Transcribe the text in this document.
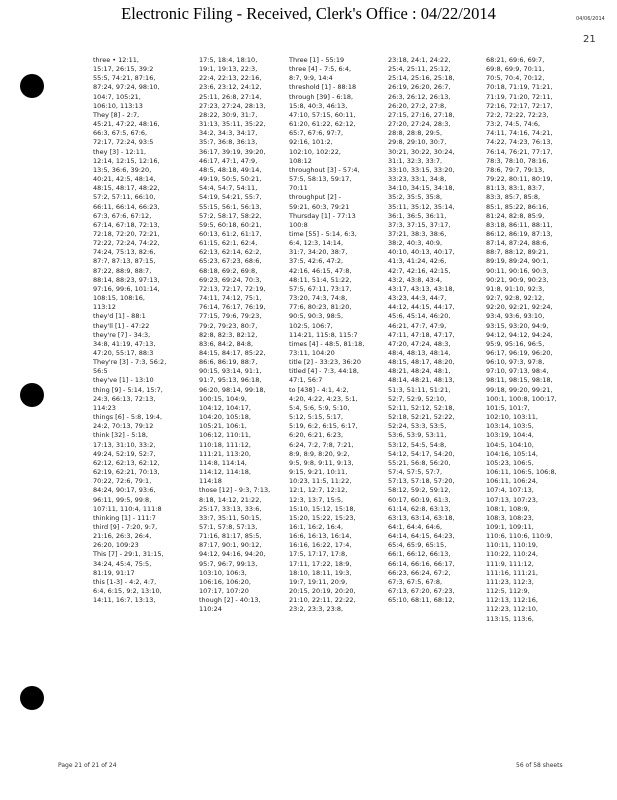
Electronic Filing - Received, Clerk's Office : 04/22/2014	04/06/2014
21
three • 12:11,
15:17, 26:15, 39:2
55:5, 74:21, 87:16,
87:24, 97:24, 98:10,
104:7, 105:21,
106:10, 113:13
They [8] - 2:7,
45:21, 47:22, 48:16,
66:3, 67:5, 67:6,
72:17, 72:24, 93:5
they [3] - 12:11,
12:14, 12:15, 12:16,
13:5, 36:6, 39:20,
40:21, 42:5, 48:14,
48:15, 48:17, 48:22,
57:2, 57:11, 66:10,
66:11, 66:14, 66:23,
67:3, 67:6, 67:12,
67:14, 67:18, 72:13,
72:18, 72:20, 72:21,
72:22, 72:24, 74:22,
74:24, 75:13, 82:6,
87:7, 87:13, 87:15,
87:22, 88:9, 88:7,
88:14, 88:23, 97:13,
97:16, 99:6, 101:14,
108:15, 108:16,
113:12
they'd [1] - 88:1
they'll [1] - 47:22
they're [7] - 34:3,
34:8, 41:19, 47:13,
47:20, 55:17, 88:3
They're [3] - 7:3, 56:2,
56:5
they've [1] - 13:10
thing [9] - 5:14, 15:7,
24:3, 66:13, 72:13,
114:23
things [6] - 5:8, 19:4,
24:2, 70:13, 79:12
think [32] - 5:18,
17:13, 31:10, 33:2,
49:24, 52:19, 52:7,
62:12, 62:13, 62:12,
62:19, 62:21, 70:13,
70:22, 72:6, 79:1,
84:24, 90:17, 93:6,
96:11, 99:5, 99:8,
107:11, 110:4, 111:8
thinking [1] - 111:7
third [9] - 7:20, 9:7,
21:16, 26:3, 26:4,
26:20, 109:23
This [7] - 29:1, 31:15,
34:24, 45:4, 75:5,
81:19, 91:17
this [1-3] - 4:2, 4:7,
6:4, 6:15, 9:2, 13:10,
14:11, 16:7, 13:13,
17:5, 18:4, 18:10,
19:1, 19:13, 22:3,
22:4, 22:13, 22:16,
23:6, 23:12, 24:12,
25:11, 26:8, 27:14,
27:23, 27:24, 28:13,
28:22, 30:9, 31:7,
31:13, 35:11, 35:22,
34:2, 34:3, 34:17,
35:7, 36:8, 36:13,
36:17, 39:19, 39:20,
46:17, 47:1, 47:9,
48:5, 48:18, 49:14,
49:19, 50:5, 50:21,
54:4, 54:7, 54:11,
54:19, 54:21, 55:7,
55:15, 56:1, 56:13,
57:2, 58:17, 58:22,
59:5, 60:18, 60:21,
60:13, 61:2, 61:17,
61:15, 62:1, 62:4,
62:13, 62:14, 62:2,
65:23, 67:23, 68:6,
68:18, 69:2, 69:8,
69:23, 69:24, 70:3,
72:13, 72:17, 72:19,
74:11, 74:12, 75:1,
76:14, 76:17, 76:19,
77:15, 79:6, 79:23,
79:2, 79:23, 80:7,
82:8, 82:3, 82:12,
83:6, 84:2, 84:8,
84:15, 84:17, 85:22,
86:6, 86:19, 88:7,
90:15, 93:14, 91:1,
91:7, 95:13, 96:18,
96:20, 98:14, 99:18,
100:15, 104:9,
104:12, 104:17,
104:20, 105:18,
105:21, 106:1,
106:12, 110:11,
110:18, 111:12,
111:21, 113:20,
114:8, 114:14,
114:12, 114:18,
114:18
those [12] - 9:3, 7:13,
8:18, 14:12, 21:22,
25:17, 33:13, 33:6,
33:7, 35:11, 50:15,
57:1, 57:8, 57:13,
71:16, 81:17, 85:5,
87:17, 90:1, 90:12,
94:12, 94:16, 94:20,
95:7, 96:7, 99:13,
103:10, 106:3,
106:16, 106:20,
107:17, 107:20
though [2] - 40:13,
110:24
Three [1] - 55:19
three [4] - 7:5, 6:4,
8:7, 9:9, 14:4
threshold [1] - 88:18
through [39] - 6:18,
15:8, 40:3, 46:13,
47:10, 57:15, 60:11,
61:20, 61:22, 62:12,
65:7, 67:6, 97:7,
92:16, 101:2,
102:10, 102:22,
108:12
throughout [3] - 57:4,
57:5, 58:13, 59:17,
70:11
throughput [2] -
59:21, 60:3, 79:21
Thursday [1] - 77:13
100:8
time [55] - 5:14, 6:3,
6:4, 12:3, 14:14,
31:7, 34:20, 38:7,
37:5, 42:6, 47:2,
42:16, 46:15, 47:8,
48:11, 51:4, 51:22,
57:5, 67:11, 73:17,
73:20, 74:3, 74:8,
77:6, 80:23, 81:20,
90:5, 90:3, 98:5,
102:5, 106:7,
114:21, 115:8, 115:7
times [4] - 48:5, 81:18,
73:11, 104:20
title [2] - 33:23, 36:20
titled [4] - 7:3, 44:18,
47:1, 56:7
to [438] - 4:1, 4:2,
4:20, 4:22, 4:23, 5:1,
5:4, 5:6, 5:9, 5:10,
5:12, 5:15, 5:17,
5:19, 6:2, 6:15, 6:17,
6:20, 6:21, 6:23,
6:24, 7:2, 7:8, 7:21,
8:9, 8:9, 8:20, 9:2,
9:5, 9:8, 9:11, 9:13,
9:15, 9:21, 10:11,
10:23, 11:5, 11:22,
12:1, 12:7, 12:12,
12:3, 13:7, 15:5,
15:10, 15:12, 15:18,
15:20, 15:22, 15:23,
16:1, 16:2, 16:4,
16:6, 16:13, 16:14,
16:16, 16:22, 17:4,
17:5, 17:17, 17:8,
17:11, 17:22, 18:9,
18:10, 18:11, 19:3,
19:7, 19:11, 20:9,
20:15, 20:19, 20:20,
21:10, 22:11, 22:22,
23:2, 23:3, 23:8,
23:18, 24:1, 24:22,
25:4, 25:11, 25:12,
25:14, 25:16, 25:18,
26:19, 26:20, 26:7,
26:3, 26:12, 26:13,
26:20, 27:2, 27:8,
27:15, 27:16, 27:18,
27:20, 27:24, 28:3,
28:8, 28:8, 29:5,
29:8, 29:10, 30:7,
30:21, 30:22, 30:24,
31:1, 32:3, 33:7,
33:10, 33:15, 33:20,
33:23, 33:1, 34:8,
34:10, 34:15, 34:18,
35:2, 35:5, 35:8,
35:11, 35:12, 35:14,
36:1, 36:5, 36:11,
37:3, 37:15, 37:17,
37:21, 38:3, 38:6,
38:2, 40:3, 40:9,
40:10, 40:13, 40:17,
41:3, 41:24, 42:6,
42:7, 42:16, 42:15,
43:2, 43:8, 43:4,
43:17, 43:13, 43:18,
43:23, 44:3, 44:7,
44:12, 44:15, 44:17,
45:6, 45:14, 46:20,
46:21, 47:7, 47:9,
47:11, 47:18, 47:17,
47:20, 47:24, 48:3,
48:4, 48:13, 48:14,
48:15, 48:17, 48:20,
48:21, 48:24, 48:1,
48:14, 48:21, 48:13,
51:3, 51:11, 51:21,
52:7, 52:9, 52:10,
52:11, 52:12, 52:18,
52:18, 52:21, 52:22,
52:24, 53:3, 53:5,
53:6, 53:9, 53:11,
53:12, 54:5, 54:8,
54:12, 54:17, 54:20,
55:21, 56:8, 56:20,
57:4, 57:5, 57:7,
57:13, 57:18, 57:20,
58:12, 59:2, 59:12,
60:17, 60:19, 61:3,
61:14, 62:8, 63:13,
63:13, 63:14, 63:18,
64:1, 64:4, 64:6,
64:14, 64:15, 64:23,
65:4, 65:9, 65:15,
66:1, 66:12, 66:13,
66:14, 66:16, 66:17,
66:23, 66:24, 67:2,
67:3, 67:5, 67:8,
67:13, 67:20, 67:23,
65:10, 68:11, 68:12,
68:21, 69:6, 69:7,
69:8, 69:9, 70:11,
70:5, 70:4, 70:12,
70:18, 71:19, 71:21,
71:19, 71:20, 72:11,
72:16, 72:17, 72:17,
72:2, 72:22, 72:23,
73:2, 74:5, 74:6,
74:11, 74:16, 74:21,
74:22, 74:23, 76:13,
76:14, 76:21, 77:17,
78:3, 78:10, 78:16,
78:6, 79:7, 79:13,
79:22, 80:11, 80:19,
81:13, 83:1, 83:7,
83:3, 85:7, 85:8,
85:1, 85:22, 86:16,
81:24, 82:8, 85:9,
83:18, 86:11, 88:11,
86:12, 86:19, 87:13,
87:14, 87:24, 88:6,
88:7, 88:12, 89:21,
89:19, 89:24, 90:1,
90:11, 90:16, 90:3,
90:21, 90:9, 90:23,
91:8, 91:10, 92:3,
92:7, 92:8, 92:12,
92:20, 92:21, 92:24,
93:4, 93:6, 93:10,
93:15, 93:20, 94:9,
94:12, 94:12, 94:24,
95:9, 95:16, 96:5,
96:17, 96:19, 96:20,
96:10, 97:3, 97:8,
97:10, 97:13, 98:4,
98:11, 98:15, 98:18,
99:18, 99:20, 99:21,
100:1, 100:8, 100:17,
101:5, 101:7,
102:10, 103:11,
103:14, 103:5,
103:19, 104:4,
104:5, 104:10,
104:16, 105:14,
105:23, 106:5,
106:11, 106:5, 106:8,
106:11, 106:24,
107:4, 107:13,
107:13, 107:23,
108:1, 108:9,
108:3, 108:23,
109:1, 109:11,
110:6, 110:6, 110:9,
110:11, 110:19,
110:22, 110:24,
111:9, 111:12,
111:16, 111:21,
111:23, 112:3,
112:5, 112:9,
112:13, 112:16,
112:23, 112:10,
113:15, 113:6,
Page 21 of 21 of 24	56 of 58 sheets
